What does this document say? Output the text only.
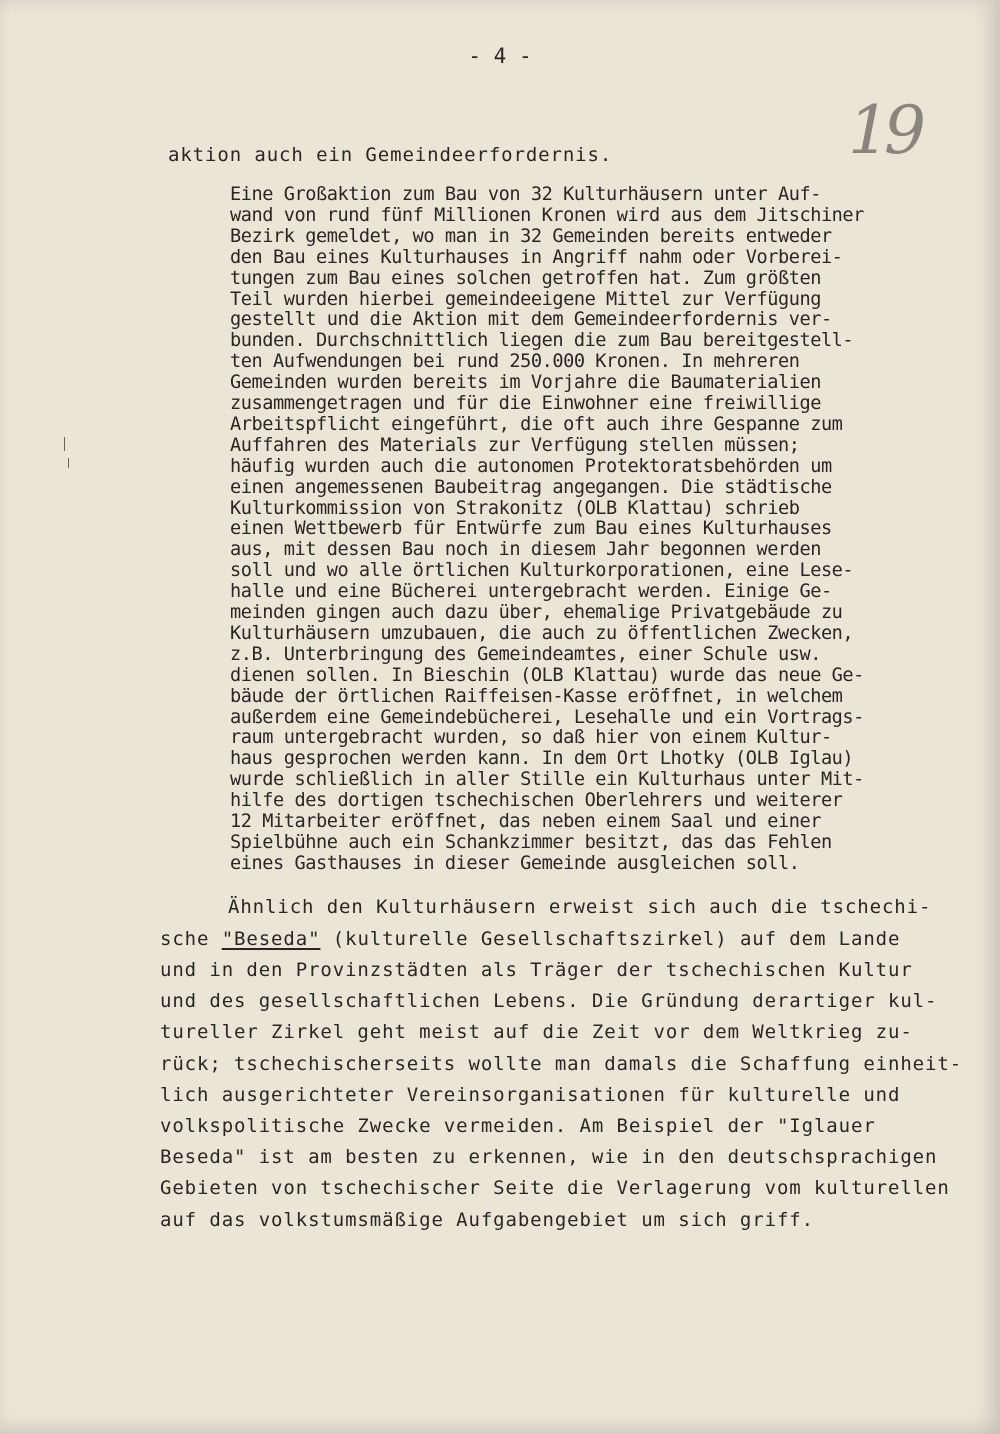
- 4 -
19
aktion auch ein Gemeindeerfordernis.
Eine Großaktion zum Bau von 32 Kulturhäusern unter Auf-
wand von rund fünf Millionen Kronen wird aus dem Jitschiner
Bezirk gemeldet, wo man in 32 Gemeinden bereits entweder
den Bau eines Kulturhauses in Angriff nahm oder Vorberei-
tungen zum Bau eines solchen getroffen hat. Zum größten
Teil wurden hierbei gemeindeeigene Mittel zur Verfügung
gestellt und die Aktion mit dem Gemeindeerfordernis ver-
bunden. Durchschnittlich liegen die zum Bau bereitgestell-
ten Aufwendungen bei rund 250.000 Kronen. In mehreren
Gemeinden wurden bereits im Vorjahre die Baumaterialien
zusammengetragen und für die Einwohner eine freiwillige
Arbeitspflicht eingeführt, die oft auch ihre Gespanne zum
Auffahren des Materials zur Verfügung stellen müssen;
häufig wurden auch die autonomen Protektoratsbehörden um
einen angemessenen Baubeitrag angegangen. Die städtische
Kulturkommission von Strakonitz (OLB Klattau) schrieb
einen Wettbewerb für Entwürfe zum Bau eines Kulturhauses
aus, mit dessen Bau noch in diesem Jahr begonnen werden
soll und wo alle örtlichen Kulturkorporationen, eine Lese-
halle und eine Bücherei untergebracht werden. Einige Ge-
meinden gingen auch dazu über, ehemalige Privatgebäude zu
Kulturhäusern umzubauen, die auch zu öffentlichen Zwecken,
z.B. Unterbringung des Gemeindeamtes, einer Schule usw.
dienen sollen. In Bieschin (OLB Klattau) wurde das neue Ge-
bäude der örtlichen Raiffeisen-Kasse eröffnet, in welchem
außerdem eine Gemeindebücherei, Lesehalle und ein Vortrags-
raum untergebracht wurden, so daß hier von einem Kultur-
haus gesprochen werden kann. In dem Ort Lhotky (OLB Iglau)
wurde schließlich in aller Stille ein Kulturhaus unter Mit-
hilfe des dortigen tschechischen Oberlehrers und weiterer
12 Mitarbeiter eröffnet, das neben einem Saal und einer
Spielbühne auch ein Schankzimmer besitzt, das das Fehlen
eines Gasthauses in dieser Gemeinde ausgleichen soll.
Ähnlich den Kulturhäusern erweist sich auch die tschechi-
sche "Beseda" (kulturelle Gesellschaftszirkel) auf dem Lande
und in den Provinzstädten als Träger der tschechischen Kultur
und des gesellschaftlichen Lebens. Die Gründung derartiger kul-
tureller Zirkel geht meist auf die Zeit vor dem Weltkrieg zu-
rück; tschechischerseits wollte man damals die Schaffung einheit-
lich ausgerichteter Vereinsorganisationen für kulturelle und
volkspolitische Zwecke vermeiden. Am Beispiel der "Iglauer
Beseda" ist am besten zu erkennen, wie in den deutschsprachigen
Gebieten von tschechischer Seite die Verlagerung vom kulturellen
auf das volkstumsmäßige Aufgabengebiet um sich griff.
